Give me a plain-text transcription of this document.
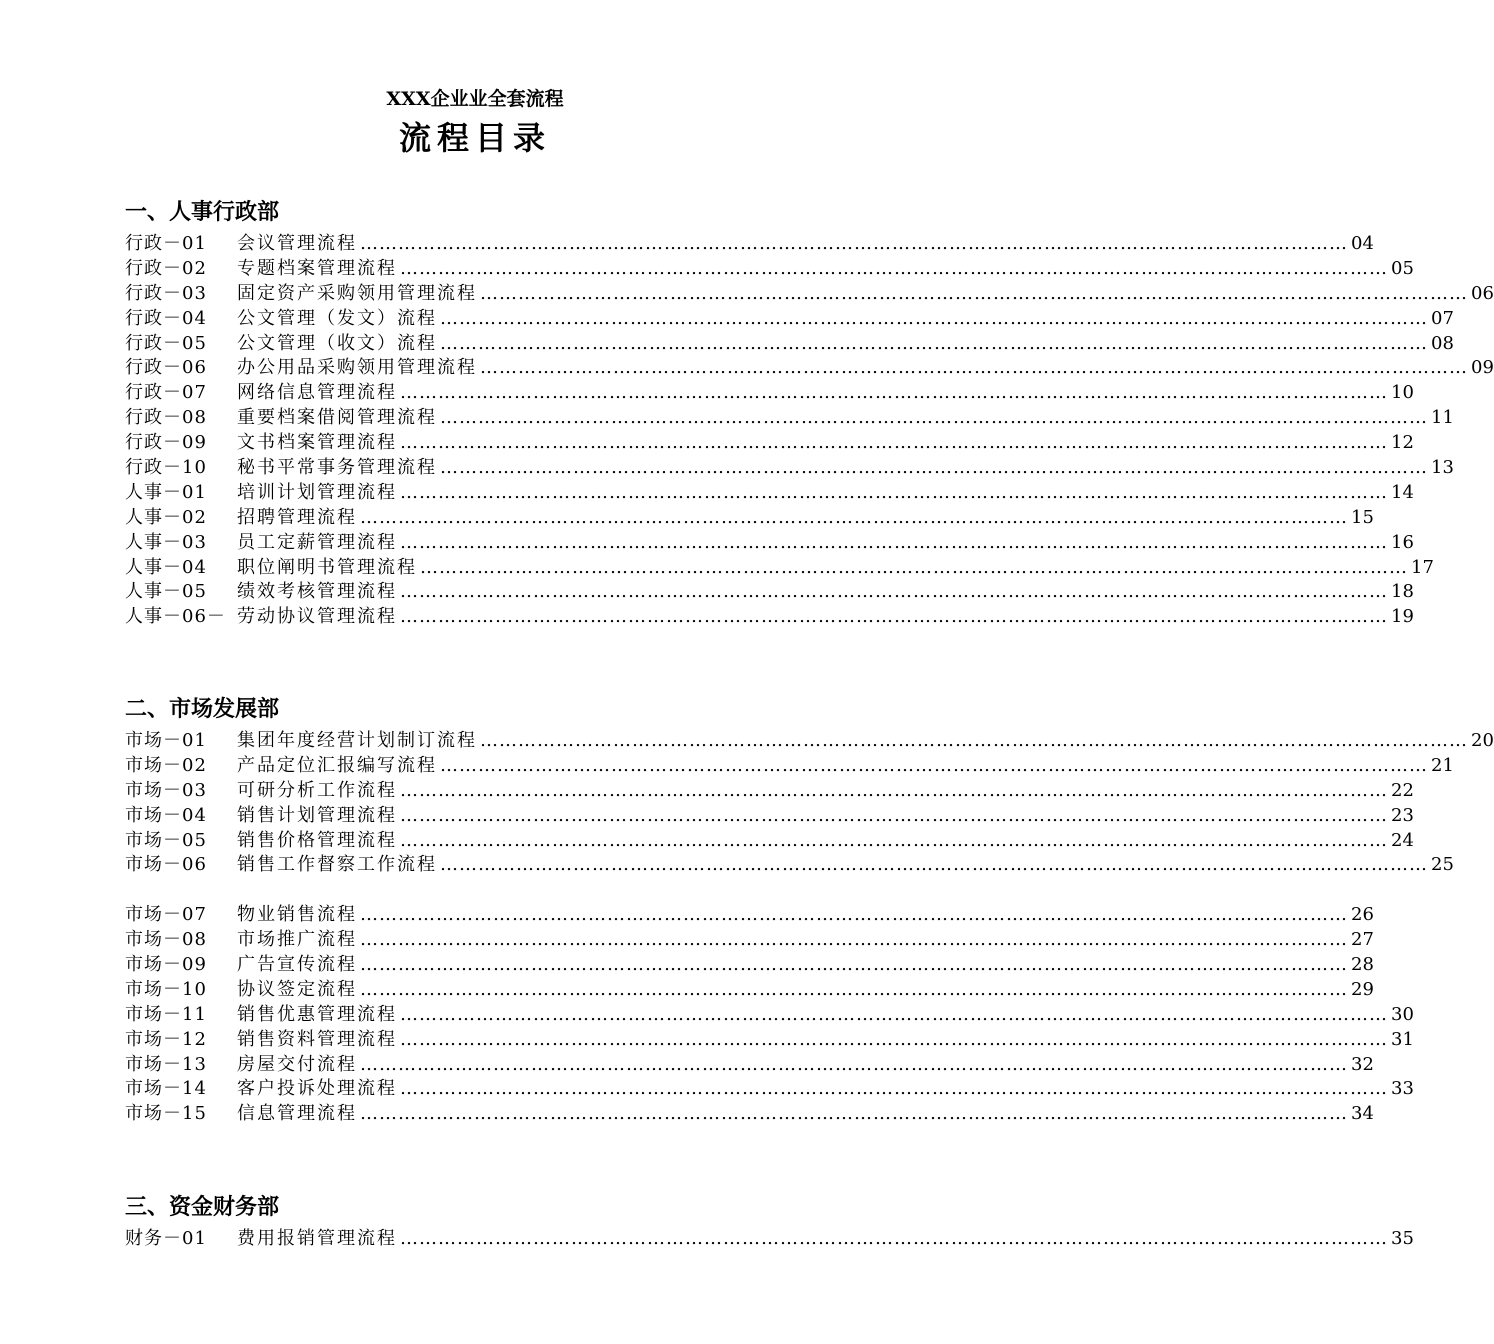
XXX企业业全套流程
流程目录
一、人事行政部
行政－01	会议管理流程 ………………………………………………………………………………………………………………………………………… 04
行政－02	专题档案管理流程 ………………………………………………………………………………………………………………………………………… 05
行政－03	固定资产采购领用管理流程 ………………………………………………………………………………………………………………………………………… 06
行政－04	公文管理（发文）流程 ………………………………………………………………………………………………………………………………………… 07
行政－05	公文管理（收文）流程 ………………………………………………………………………………………………………………………………………… 08
行政－06	办公用品采购领用管理流程 ………………………………………………………………………………………………………………………………………… 09
行政－07	网络信息管理流程 ………………………………………………………………………………………………………………………………………… 10
行政－08	重要档案借阅管理流程 ………………………………………………………………………………………………………………………………………… 11
行政－09	文书档案管理流程 ………………………………………………………………………………………………………………………………………… 12
行政－10	秘书平常事务管理流程 ………………………………………………………………………………………………………………………………………… 13
人事－01	培训计划管理流程 ………………………………………………………………………………………………………………………………………… 14
人事－02	招聘管理流程 ………………………………………………………………………………………………………………………………………… 15
人事－03	员工定薪管理流程 ………………………………………………………………………………………………………………………………………… 16
人事－04	职位阐明书管理流程 ………………………………………………………………………………………………………………………………………… 17
人事－05	绩效考核管理流程 ………………………………………………………………………………………………………………………………………… 18
人事－06－ 劳动协议管理流程 ………………………………………………………………………………………………………………………………………… 19
二、市场发展部
市场－01	集团年度经营计划制订流程 ………………………………………………………………………………………………………………………………………… 20
市场－02	产品定位汇报编写流程 ………………………………………………………………………………………………………………………………………… 21
市场－03	可研分析工作流程 ………………………………………………………………………………………………………………………………………… 22
市场－04	销售计划管理流程 ………………………………………………………………………………………………………………………………………… 23
市场－05	销售价格管理流程 ………………………………………………………………………………………………………………………………………… 24
市场－06	销售工作督察工作流程 ………………………………………………………………………………………………………………………………………… 25
市场－07	物业销售流程 ………………………………………………………………………………………………………………………………………… 26
市场－08	市场推广流程 ………………………………………………………………………………………………………………………………………… 27
市场－09	广告宣传流程 ………………………………………………………………………………………………………………………………………… 28
市场－10	协议签定流程 ………………………………………………………………………………………………………………………………………… 29
市场－11	销售优惠管理流程 ………………………………………………………………………………………………………………………………………… 30
市场－12	销售资料管理流程 ………………………………………………………………………………………………………………………………………… 31
市场－13	房屋交付流程 ………………………………………………………………………………………………………………………………………… 32
市场－14	客户投诉处理流程 ………………………………………………………………………………………………………………………………………… 33
市场－15	信息管理流程 ………………………………………………………………………………………………………………………………………… 34
三、资金财务部
财务－01	费用报销管理流程 ………………………………………………………………………………………………………………………………………… 35
